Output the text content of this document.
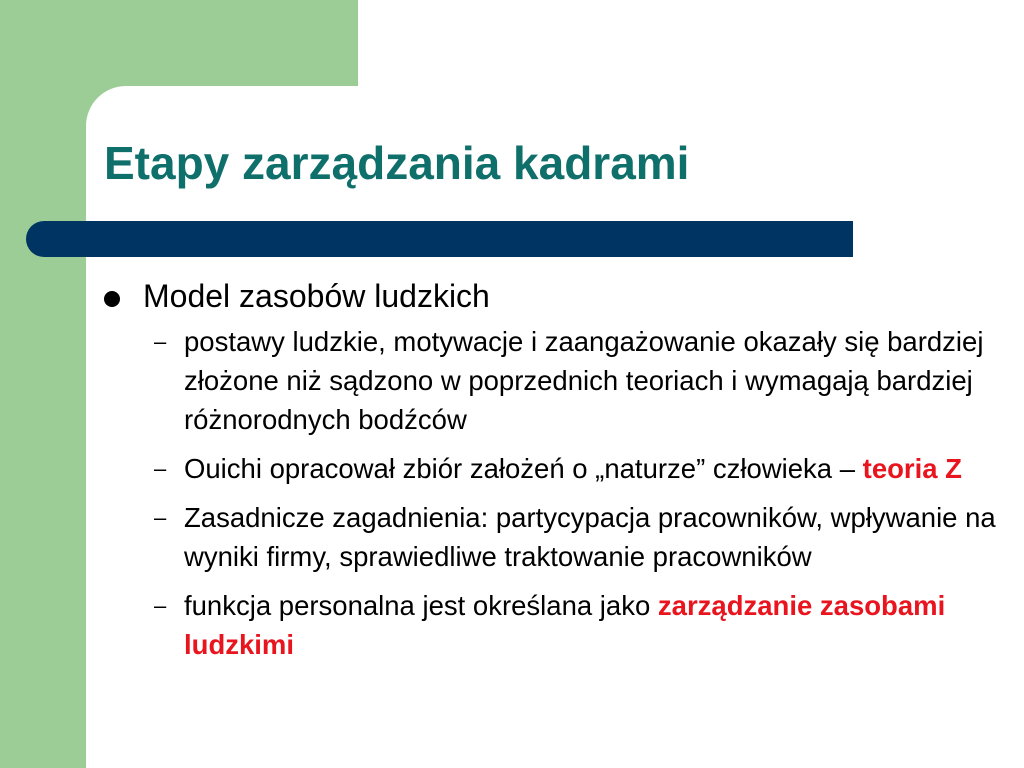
Etapy zarządzania kadrami
Model zasobów ludzkich
– postawy ludzkie, motywacje i zaangażowanie okazały się bardziej złożone niż sądzono w poprzednich teoriach i wymagają bardziej różnorodnych bodźców
– Ouichi opracował zbiór założeń o „naturze” człowieka – teoria Z
– Zasadnicze zagadnienia: partycypacja pracowników, wpływanie na wyniki firmy, sprawiedliwe traktowanie pracowników
– funkcja personalna jest określana jako zarządzanie zasobami ludzkimi
